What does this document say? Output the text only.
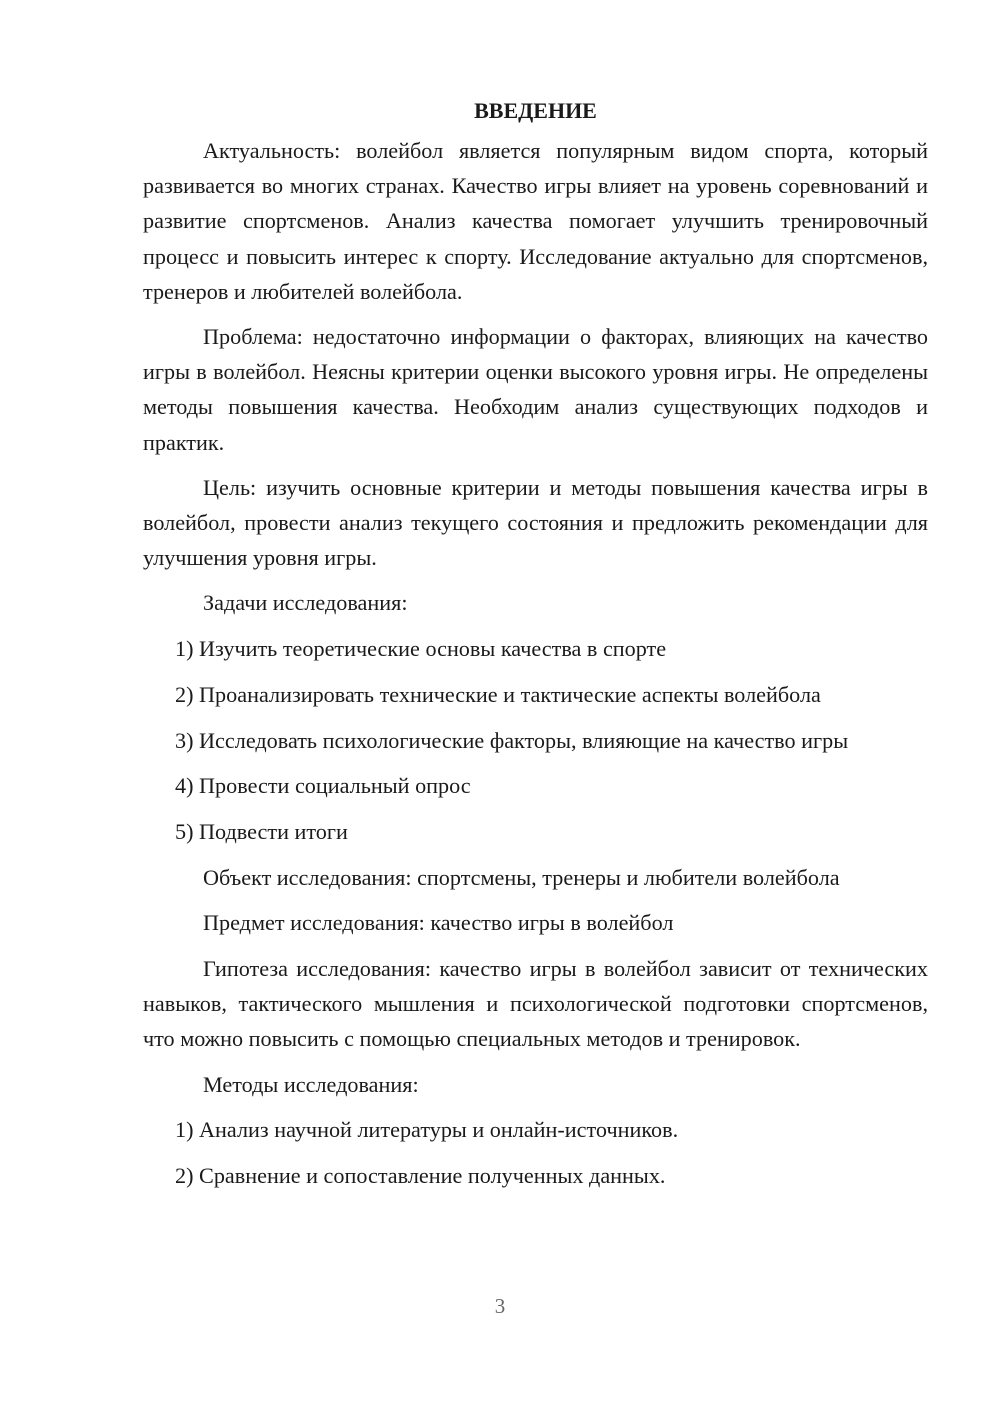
ВВЕДЕНИЕ

Актуальность: волейбол является популярным видом спорта, который развивается во многих странах. Качество игры влияет на уровень соревнований и развитие спортсменов. Анализ качества помогает улучшить тренировочный процесс и повысить интерес к спорту. Исследование актуально для спортсменов, тренеров и любителей волейбола.

Проблема: недостаточно информации о факторах, влияющих на качество игры в волейбол. Неясны критерии оценки высокого уровня игры. Не определены методы повышения качества. Необходим анализ существующих подходов и практик.

Цель: изучить основные критерии и методы повышения качества игры в волейбол, провести анализ текущего состояния и предложить рекомендации для улучшения уровня игры.

Задачи исследования:

1) Изучить теоретические основы качества в спорте

2) Проанализировать технические и тактические аспекты волейбола

3) Исследовать психологические факторы, влияющие на качество игры

4) Провести социальный опрос

5) Подвести итоги

Объект исследования: спортсмены, тренеры и любители волейбола

Предмет исследования: качество игры в волейбол

Гипотеза исследования: качество игры в волейбол зависит от технических навыков, тактического мышления и психологической подготовки спортсменов, что можно повысить с помощью специальных методов и тренировок.

Методы исследования:

1) Анализ научной литературы и онлайн-источников.

2) Сравнение и сопоставление полученных данных.

3
